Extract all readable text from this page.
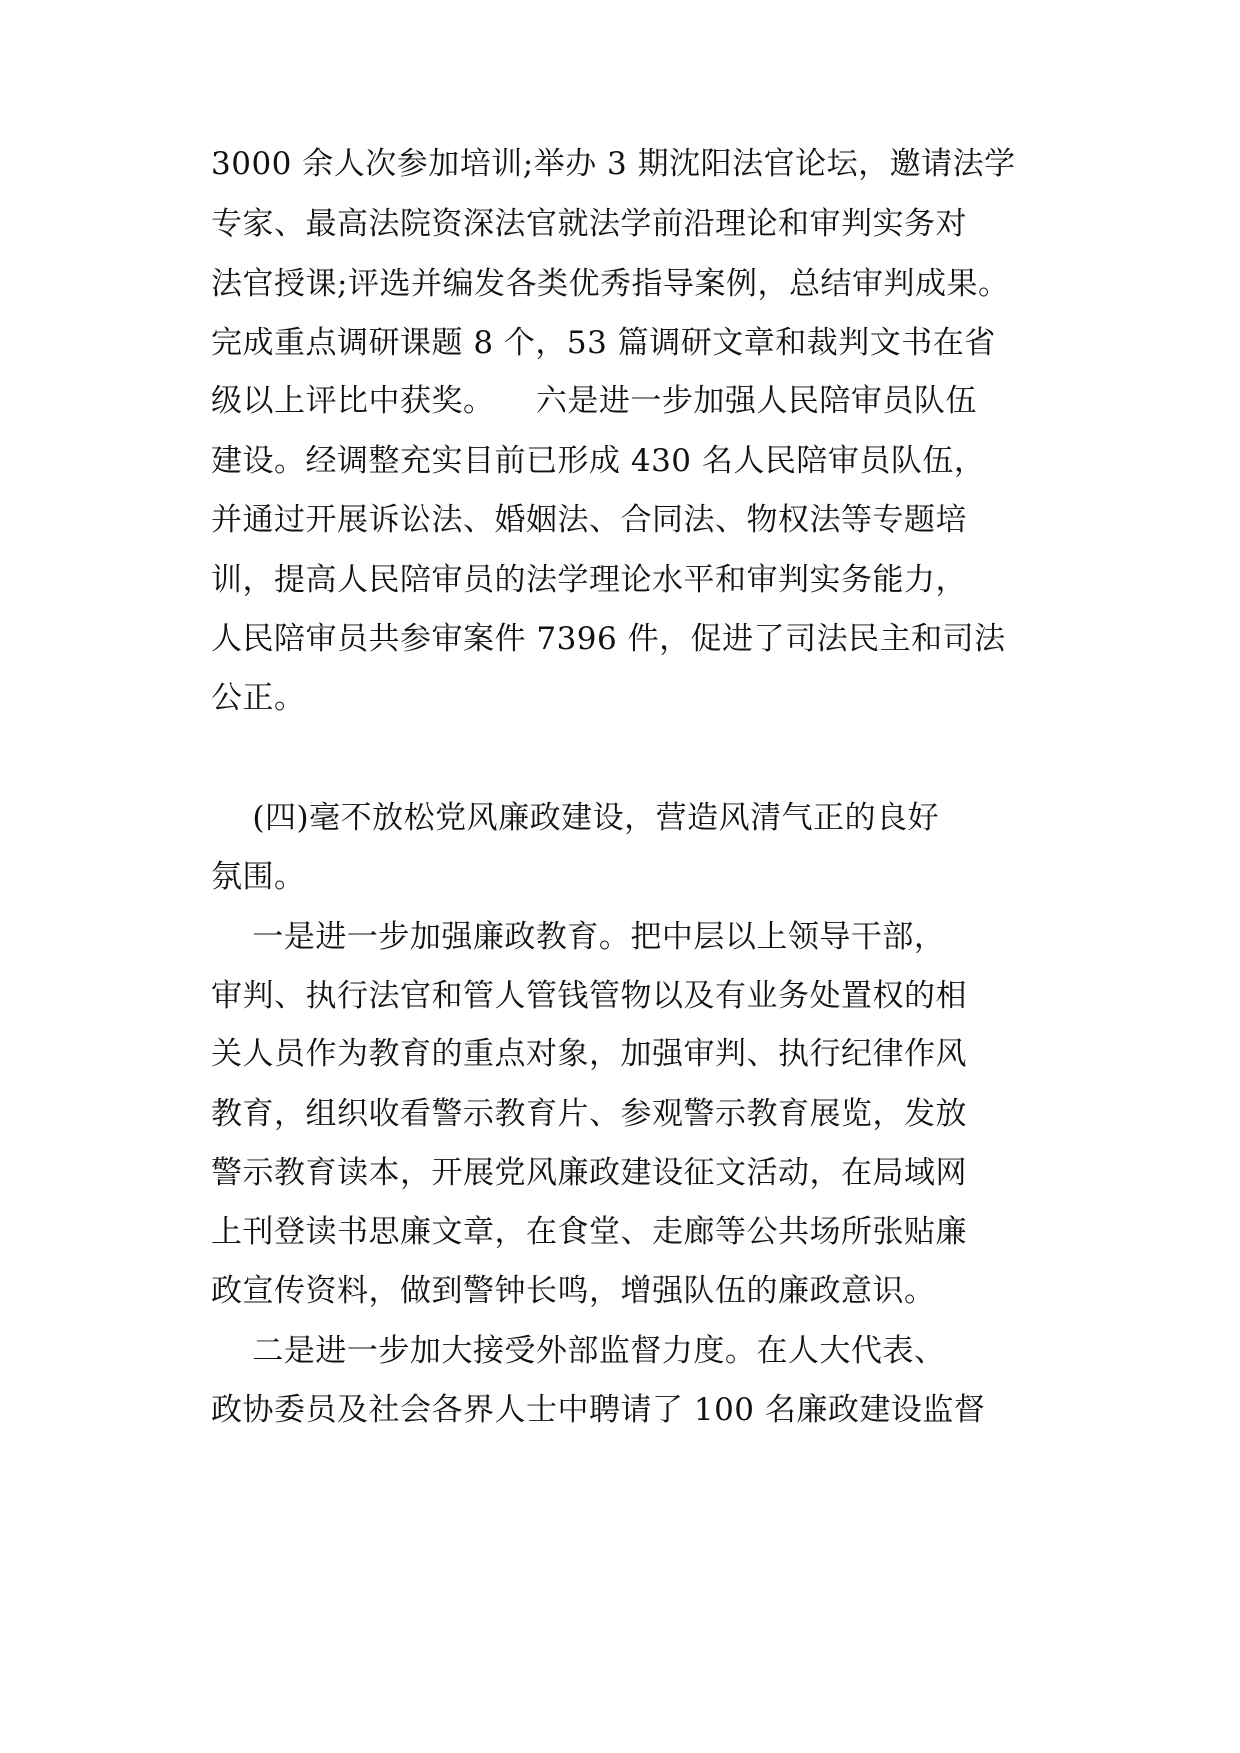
3000 余人次参加培训;举办 3 期沈阳法官论坛，邀请法学
专家、最高法院资深法官就法学前沿理论和审判实务对
法官授课;评选并编发各类优秀指导案例，总结审判成果。
完成重点调研课题 8 个，53 篇调研文章和裁判文书在省
级以上评比中获奖。    六是进一步加强人民陪审员队伍
建设。经调整充实目前已形成 430 名人民陪审员队伍，
并通过开展诉讼法、婚姻法、合同法、物权法等专题培
训，提高人民陪审员的法学理论水平和审判实务能力，
人民陪审员共参审案件 7396 件，促进了司法民主和司法
公正。
(四)毫不放松党风廉政建设，营造风清气正的良好
氛围。
一是进一步加强廉政教育。把中层以上领导干部，
审判、执行法官和管人管钱管物以及有业务处置权的相
关人员作为教育的重点对象，加强审判、执行纪律作风
教育，组织收看警示教育片、参观警示教育展览，发放
警示教育读本，开展党风廉政建设征文活动，在局域网
上刊登读书思廉文章，在食堂、走廊等公共场所张贴廉
政宣传资料，做到警钟长鸣，增强队伍的廉政意识。
二是进一步加大接受外部监督力度。在人大代表、
政协委员及社会各界人士中聘请了 100 名廉政建设监督
